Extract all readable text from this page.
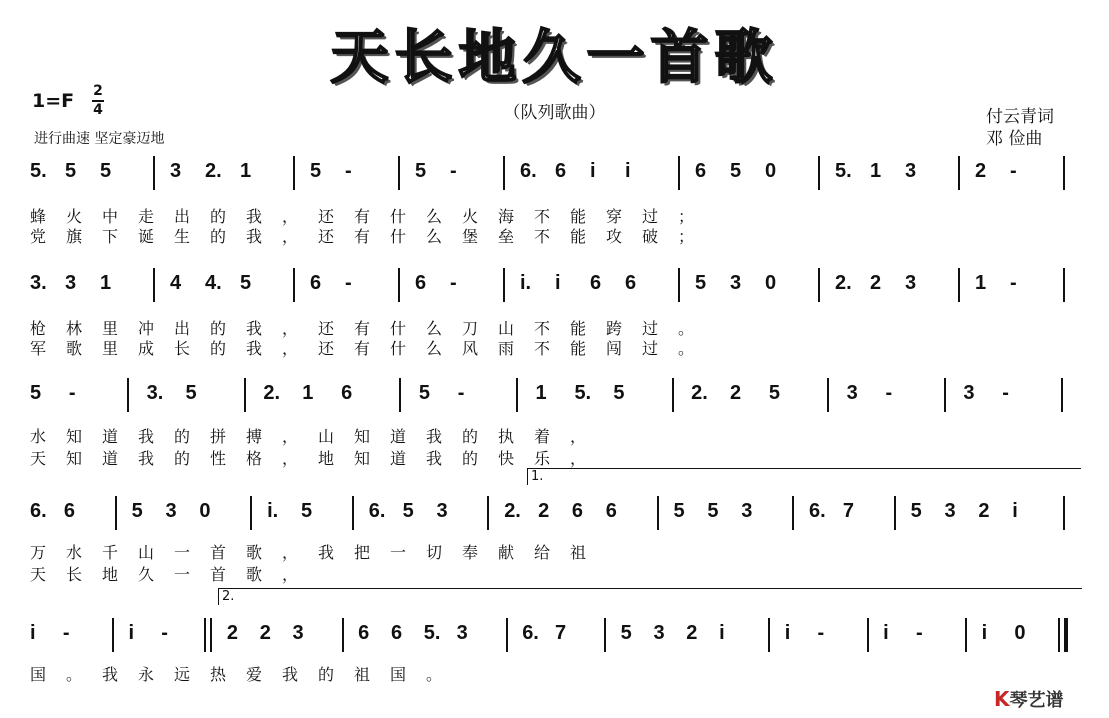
天长地久一首歌
（队列歌曲）
1=F 2
4
进行曲速 坚定豪迈地
付云青词
邓 俭曲
5. 5 5	3 2. 1	5 -	5 -	6. 6 i i	6 5 0	5. 1 3	2 -
3. 3 1	4 4. 5	6 -	6 -	i. i 6 6	5 3 0	2. 2 3	1 -
5 -	3. 5	2. 1 6	5 -	1 5. 5	2. 2 5	3 -	3 -
6. 6	5 3 0	i. 5	6. 5 3	2. 2 6 6	5 5 3	6. 7	5 3 2 i
i -	i -	2 2 3	6 6 5. 3	6. 7	5 3 2 i	i -	i -	i 0
蜂 火 中 走 出 的 我 ， 还 有 什 么 火 海 不 能 穿 过 ；
党 旗 下 诞 生 的 我 ， 还 有 什 么 堡 垒 不 能 攻 破 ；
枪 林 里 冲 出 的 我 ， 还 有 什 么 刀 山 不 能 跨 过 。
军 歌 里 成 长 的 我 ， 还 有 什 么 风 雨 不 能 闯 过 。
水 知 道 我 的 拼 搏 ， 山 知 道 我 的 执 着 ，
天 知 道 我 的 性 格 ， 地 知 道 我 的 快 乐 ，
万 水 千 山 一 首 歌 ， 我 把 一 切 奉 献 给 祖
天 长 地 久 一 首 歌 ，
国 。 我 永 远 热 爱 我 的 祖 国 。
1.
2.
K琴艺谱
